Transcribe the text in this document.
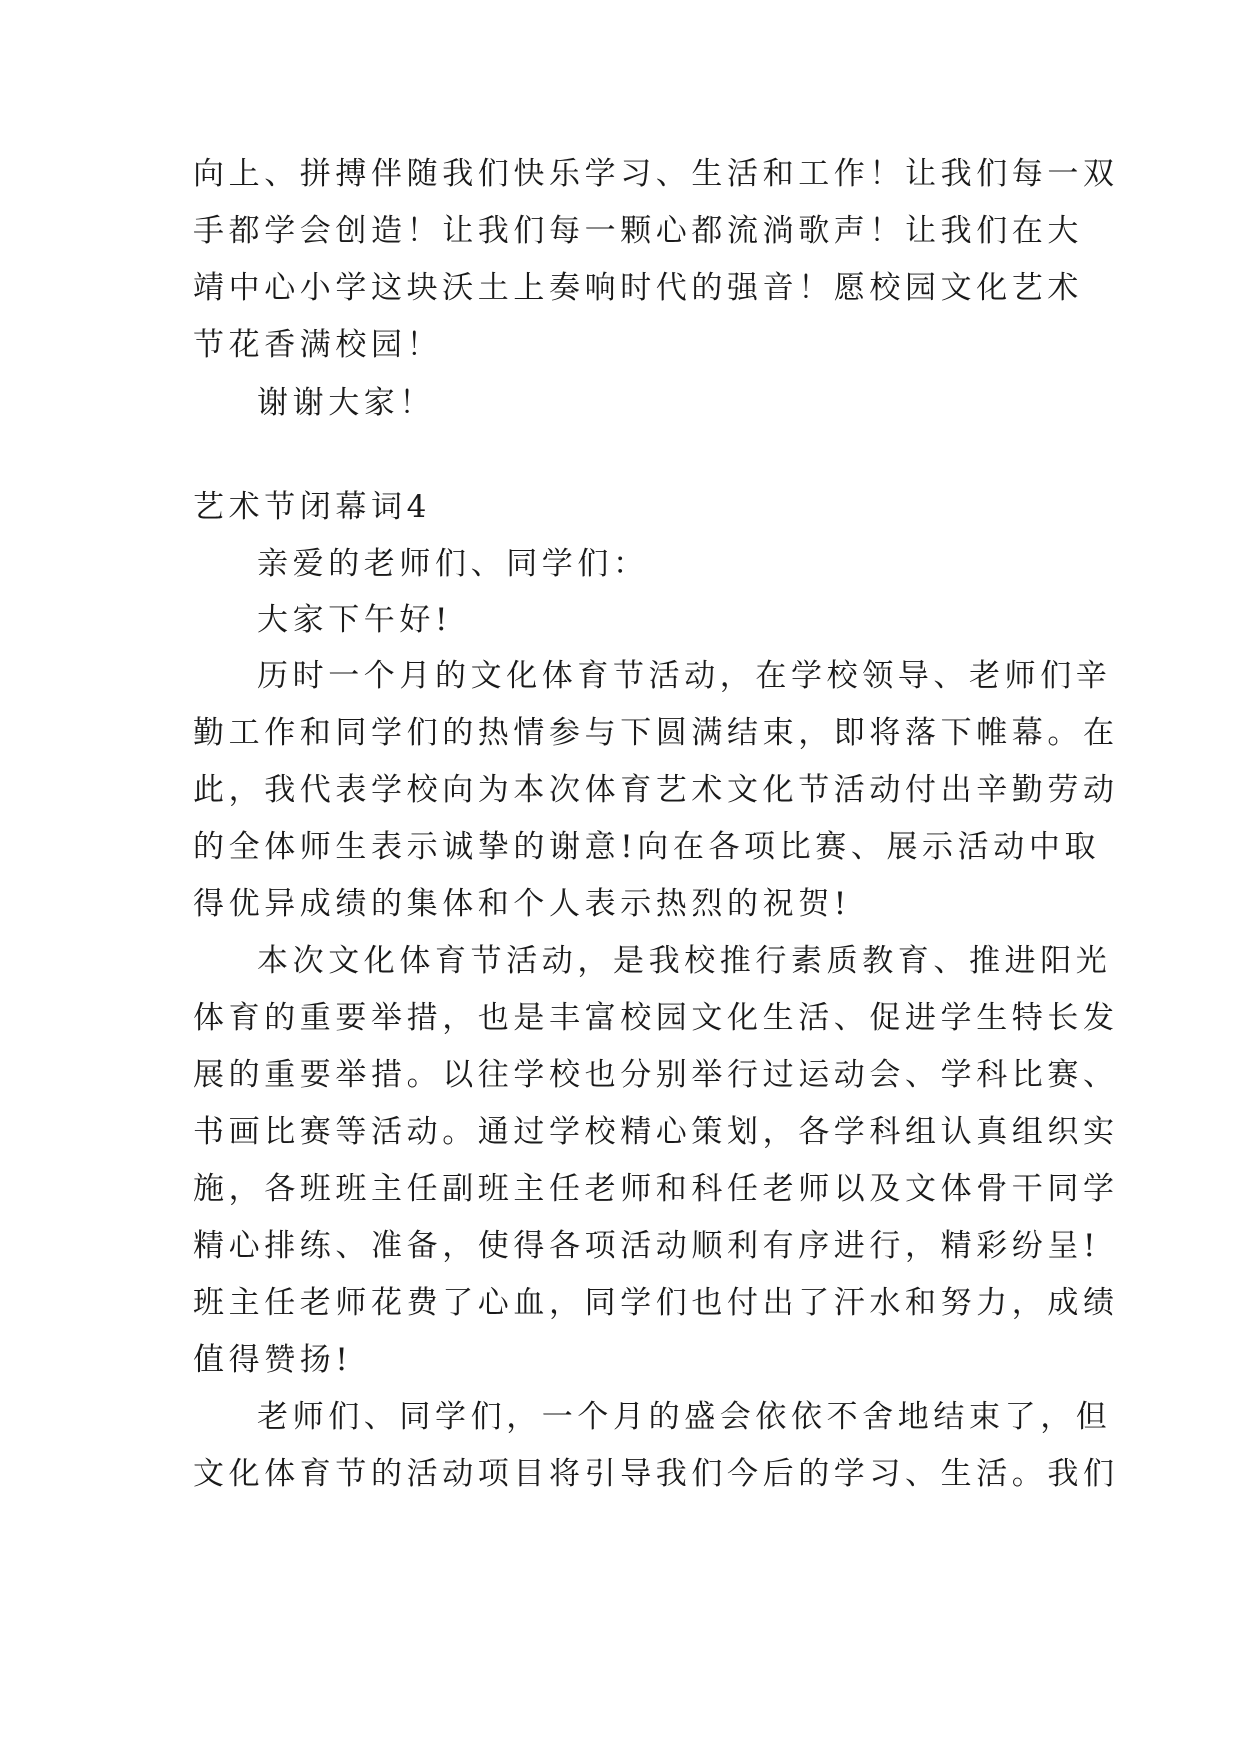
向上、拼搏伴随我们快乐学习、生活和工作！让我们每一双
手都学会创造！让我们每一颗心都流淌歌声！让我们在大
靖中心小学这块沃土上奏响时代的强音！愿校园文化艺术
节花香满校园！
谢谢大家！
艺术节闭幕词4
亲爱的老师们、同学们：
大家下午好!
历时一个月的文化体育节活动，在学校领导、老师们辛
勤工作和同学们的热情参与下圆满结束，即将落下帷幕。在
此，我代表学校向为本次体育艺术文化节活动付出辛勤劳动
的全体师生表示诚挚的谢意!向在各项比赛、展示活动中取
得优异成绩的集体和个人表示热烈的祝贺!
本次文化体育节活动，是我校推行素质教育、推进阳光
体育的重要举措，也是丰富校园文化生活、促进学生特长发
展的重要举措。以往学校也分别举行过运动会、学科比赛、
书画比赛等活动。通过学校精心策划，各学科组认真组织实
施，各班班主任副班主任老师和科任老师以及文体骨干同学
精心排练、准备，使得各项活动顺利有序进行，精彩纷呈!
班主任老师花费了心血，同学们也付出了汗水和努力，成绩
值得赞扬!
老师们、同学们，一个月的盛会依依不舍地结束了，但
文化体育节的活动项目将引导我们今后的学习、生活。我们
